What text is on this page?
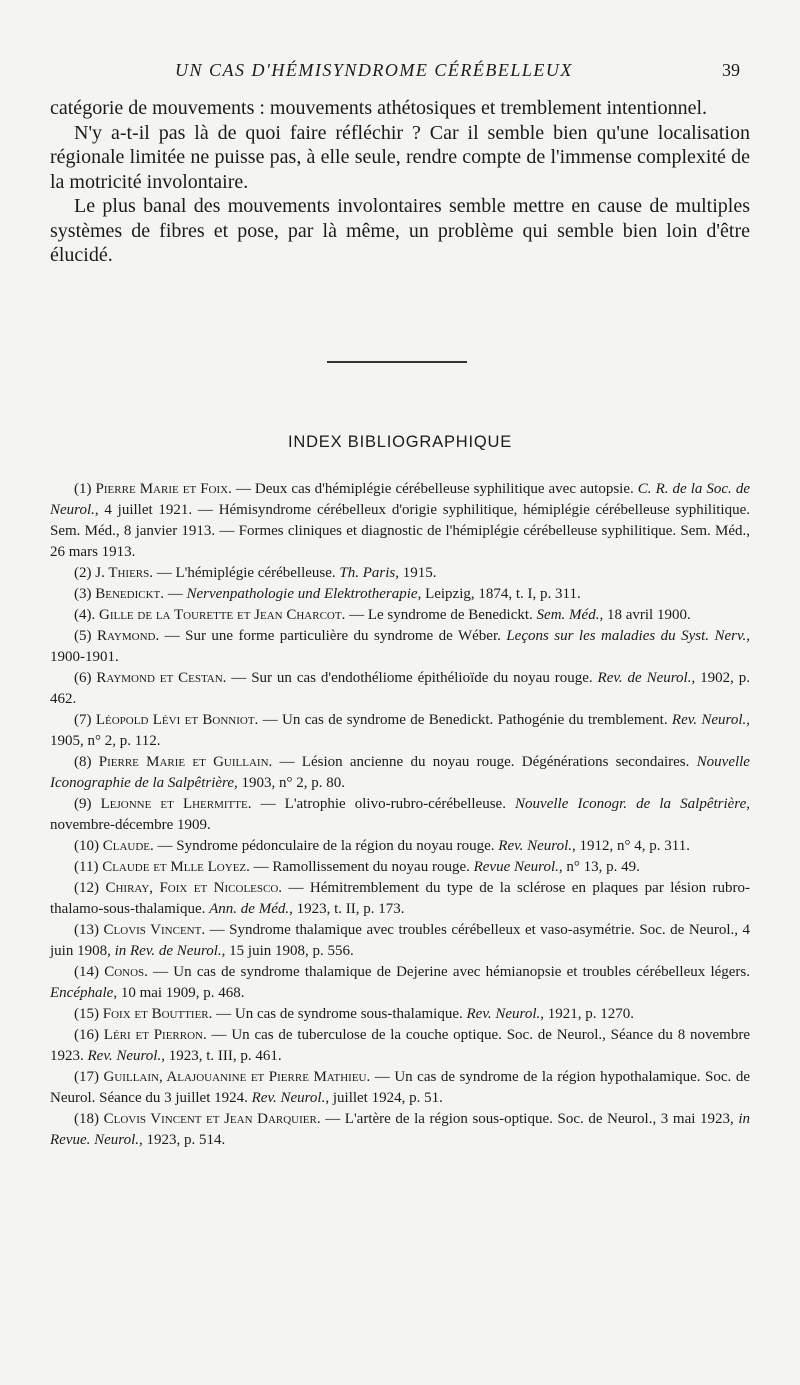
UN CAS D'HÉMISYNDROME CÉRÉBELLEUX	39

catégorie de mouvements : mouvements athétosiques et tremblement intentionnel.

N'y a-t-il pas là de quoi faire réfléchir ? Car il semble bien qu'une localisation régionale limitée ne puisse pas, à elle seule, rendre compte de l'immense complexité de la motricité involontaire.

Le plus banal des mouvements involontaires semble mettre en cause de multiples systèmes de fibres et pose, par là même, un problème qui semble bien loin d'être élucidé.

INDEX BIBLIOGRAPHIQUE

(1) Pierre Marie et Foix. — Deux cas d'hémiplégie cérébelleuse syphilitique avec autopsie. C. R. de la Soc. de Neurol., 4 juillet 1921. — Hémisyndrome cérébelleux d'origie syphilitique, hémiplégie cérébelleuse syphilitique. Sem. Méd., 8 janvier 1913. — Formes cliniques et diagnostic de l'hémiplégie cérébelleuse syphilitique. Sem. Méd., 26 mars 1913.

(2) J. Thiers. — L'hémiplégie cérébelleuse. Th. Paris, 1915.

(3) Benedickt. — Nervenpathologie und Elektrotherapie, Leipzig, 1874, t. I, p. 311.

(4). Gille de la Tourette et Jean Charcot. — Le syndrome de Benedickt. Sem. Méd., 18 avril 1900.

(5) Raymond. — Sur une forme particulière du syndrome de Wéber. Leçons sur les maladies du Syst. Nerv., 1900-1901.

(6) Raymond et Cestan. — Sur un cas d'endothéliome épithélioïde du noyau rouge. Rev. de Neurol., 1902, p. 462.

(7) Léopold Lévi et Bonniot. — Un cas de syndrome de Benedickt. Pathogénie du tremblement. Rev. Neurol., 1905, n° 2, p. 112.

(8) Pierre Marie et Guillain. — Lésion ancienne du noyau rouge. Dégénérations secondaires. Nouvelle Iconographie de la Salpêtrière, 1903, n° 2, p. 80.

(9) Lejonne et Lhermitte. — L'atrophie olivo-rubro-cérébelleuse. Nouvelle Iconogr. de la Salpêtrière, novembre-décembre 1909.

(10) Claude. — Syndrome pédonculaire de la région du noyau rouge. Rev. Neurol., 1912, n° 4, p. 311.

(11) Claude et Mlle Loyez. — Ramollissement du noyau rouge. Revue Neurol., n° 13, p. 49.

(12) Chiray, Foix et Nicolesco. — Hémitremblement du type de la sclérose en plaques par lésion rubro-thalamo-sous-thalamique. Ann. de Méd., 1923, t. II, p. 173.

(13) Clovis Vincent. — Syndrome thalamique avec troubles cérébelleux et vaso-asymétrie. Soc. de Neurol., 4 juin 1908, in Rev. de Neurol., 15 juin 1908, p. 556.

(14) Conos. — Un cas de syndrome thalamique de Dejerine avec hémianopsie et troubles cérébelleux légers. Encéphale, 10 mai 1909, p. 468.

(15) Foix et Bouttier. — Un cas de syndrome sous-thalamique. Rev. Neurol., 1921, p. 1270.

(16) Léri et Pierron. — Un cas de tuberculose de la couche optique. Soc. de Neurol., Séance du 8 novembre 1923. Rev. Neurol., 1923, t. III, p. 461.

(17) Guillain, Alajouanine et Pierre Mathieu. — Un cas de syndrome de la région hypothalamique. Soc. de Neurol. Séance du 3 juillet 1924. Rev. Neurol., juillet 1924, p. 51.

(18) Clovis Vincent et Jean Darquier. — L'artère de la région sous-optique. Soc. de Neurol., 3 mai 1923, in Revue. Neurol., 1923, p. 514.
